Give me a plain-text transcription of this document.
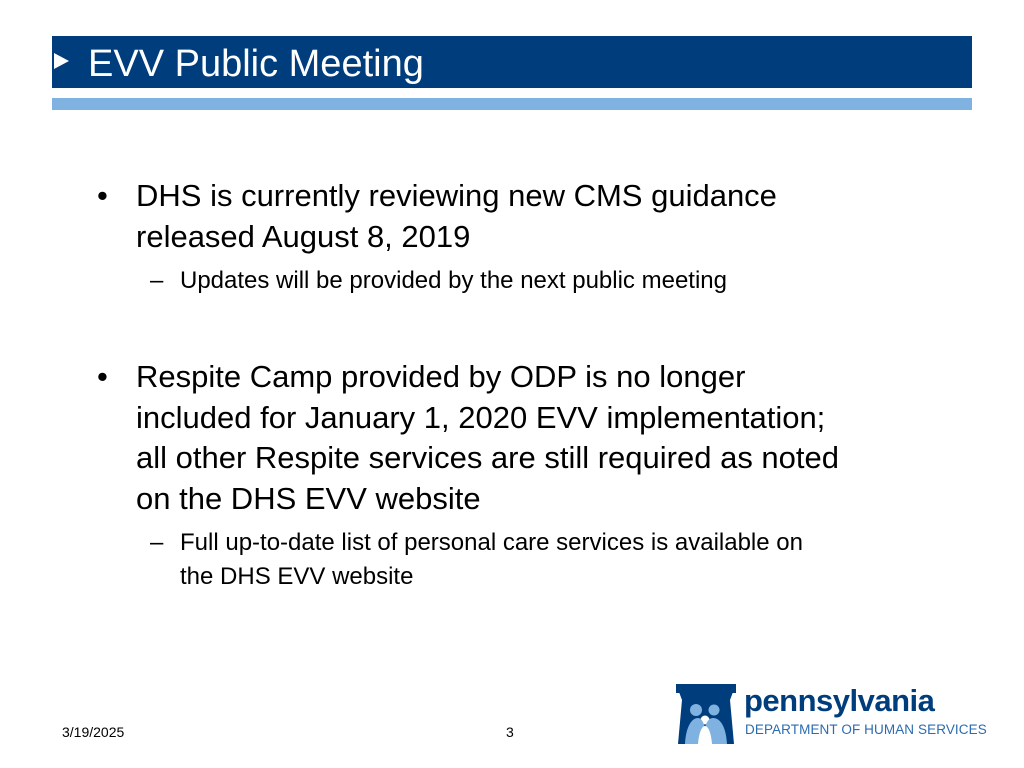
EVV Public Meeting
• DHS is currently reviewing new CMS guidance
released August 8, 2019
– Updates will be provided by the next public meeting
• Respite Camp provided by ODP is no longer
included for January 1, 2020 EVV implementation;
all other Respite services are still required as noted
on the DHS EVV website
– Full up-to-date list of personal care services is available on
the DHS EVV website
3/19/2025	3
pennsylvania
DEPARTMENT OF HUMAN SERVICES
